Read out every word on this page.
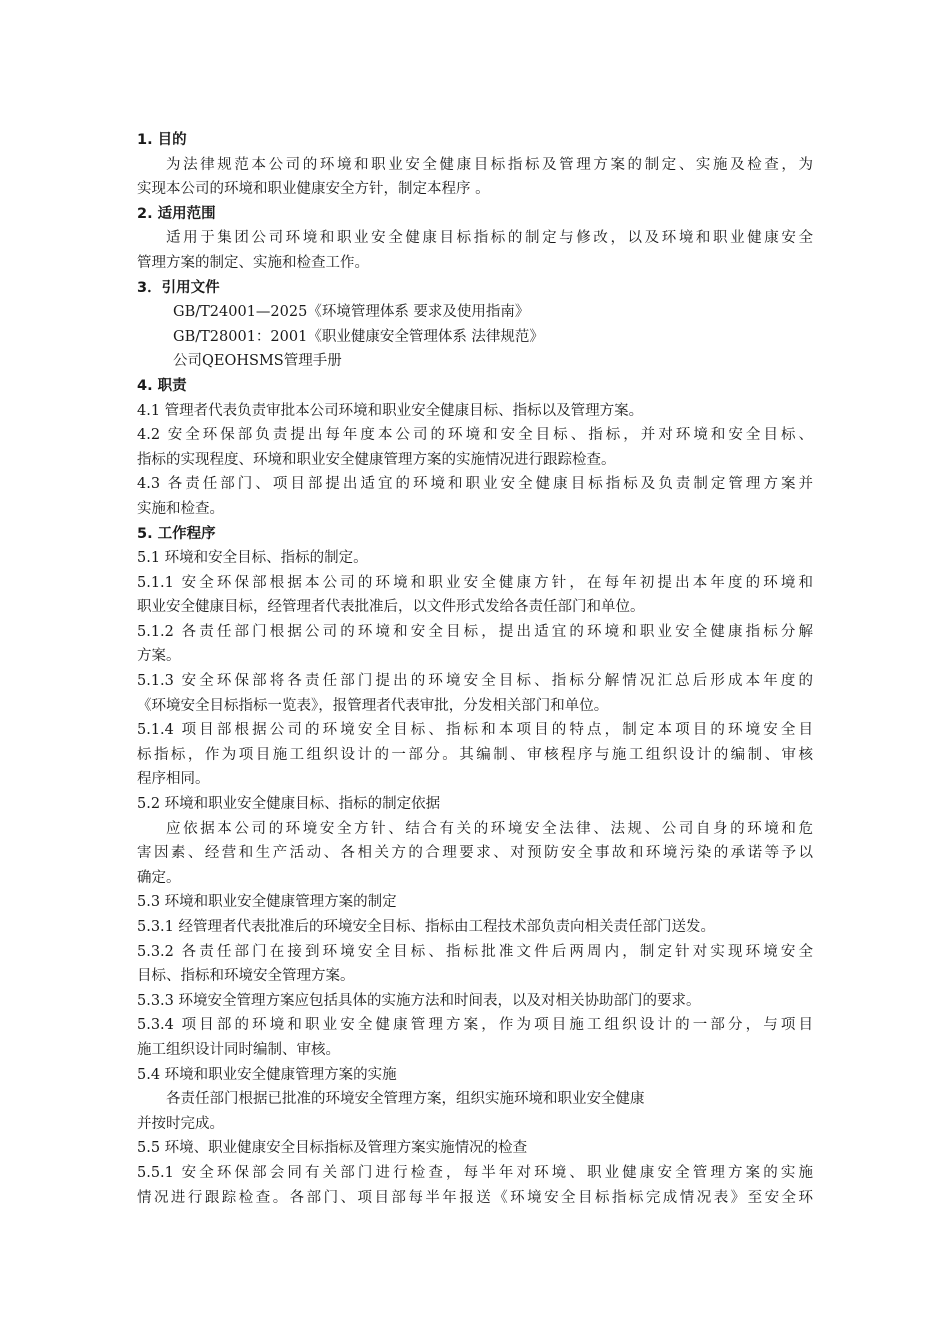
1. 目的
为法律规范本公司的环境和职业安全健康目标指标及管理方案的制定、实施及检查，为
实现本公司的环境和职业健康安全方针，制定本程序 。
2. 适用范围
适用于集团公司环境和职业安全健康目标指标的制定与修改，以及环境和职业健康安全
管理方案的制定、实施和检查工作。
3．引用文件
GB/T24001—2025《环境管理体系 要求及使用指南》
GB/T28001：2001《职业健康安全管理体系 法律规范》
公司QEOHSMS管理手册
4. 职责
4.1 管理者代表负责审批本公司环境和职业安全健康目标、指标以及管理方案。
4.2 安全环保部负责提出每年度本公司的环境和安全目标、指标，并对环境和安全目标、
指标的实现程度、环境和职业安全健康管理方案的实施情况进行跟踪检查。
4.3 各责任部门、项目部提出适宜的环境和职业安全健康目标指标及负责制定管理方案并
实施和检查。
5. 工作程序
5.1 环境和安全目标、指标的制定。
5.1.1 安全环保部根据本公司的环境和职业安全健康方针，在每年初提出本年度的环境和
职业安全健康目标，经管理者代表批准后，以文件形式发给各责任部门和单位。
5.1.2 各责任部门根据公司的环境和安全目标，提出适宜的环境和职业安全健康指标分解
方案。
5.1.3 安全环保部将各责任部门提出的环境安全目标、指标分解情况汇总后形成本年度的
《环境安全目标指标一览表》，报管理者代表审批，分发相关部门和单位。
5.1.4 项目部根据公司的环境安全目标、指标和本项目的特点，制定本项目的环境安全目
标指标，作为项目施工组织设计的一部分。其编制、审核程序与施工组织设计的编制、审核
程序相同。
5.2 环境和职业安全健康目标、指标的制定依据
应依据本公司的环境安全方针、结合有关的环境安全法律、法规、公司自身的环境和危
害因素、经营和生产活动、各相关方的合理要求、对预防安全事故和环境污染的承诺等予以
确定。
5.3 环境和职业安全健康管理方案的制定
5.3.1 经管理者代表批准后的环境安全目标、指标由工程技术部负责向相关责任部门送发。
5.3.2 各责任部门在接到环境安全目标、指标批准文件后两周内，制定针对实现环境安全
目标、指标和环境安全管理方案。
5.3.3 环境安全管理方案应包括具体的实施方法和时间表，以及对相关协助部门的要求。
5.3.4 项目部的环境和职业安全健康管理方案，作为项目施工组织设计的一部分，与项目
施工组织设计同时编制、审核。
5.4 环境和职业安全健康管理方案的实施
各责任部门根据已批准的环境安全管理方案，组织实施环境和职业安全健康
并按时完成。
5.5 环境、职业健康安全目标指标及管理方案实施情况的检查
5.5.1 安全环保部会同有关部门进行检查，每半年对环境、职业健康安全管理方案的实施
情况进行跟踪检查。各部门、项目部每半年报送《环境安全目标指标完成情况表》至安全环
